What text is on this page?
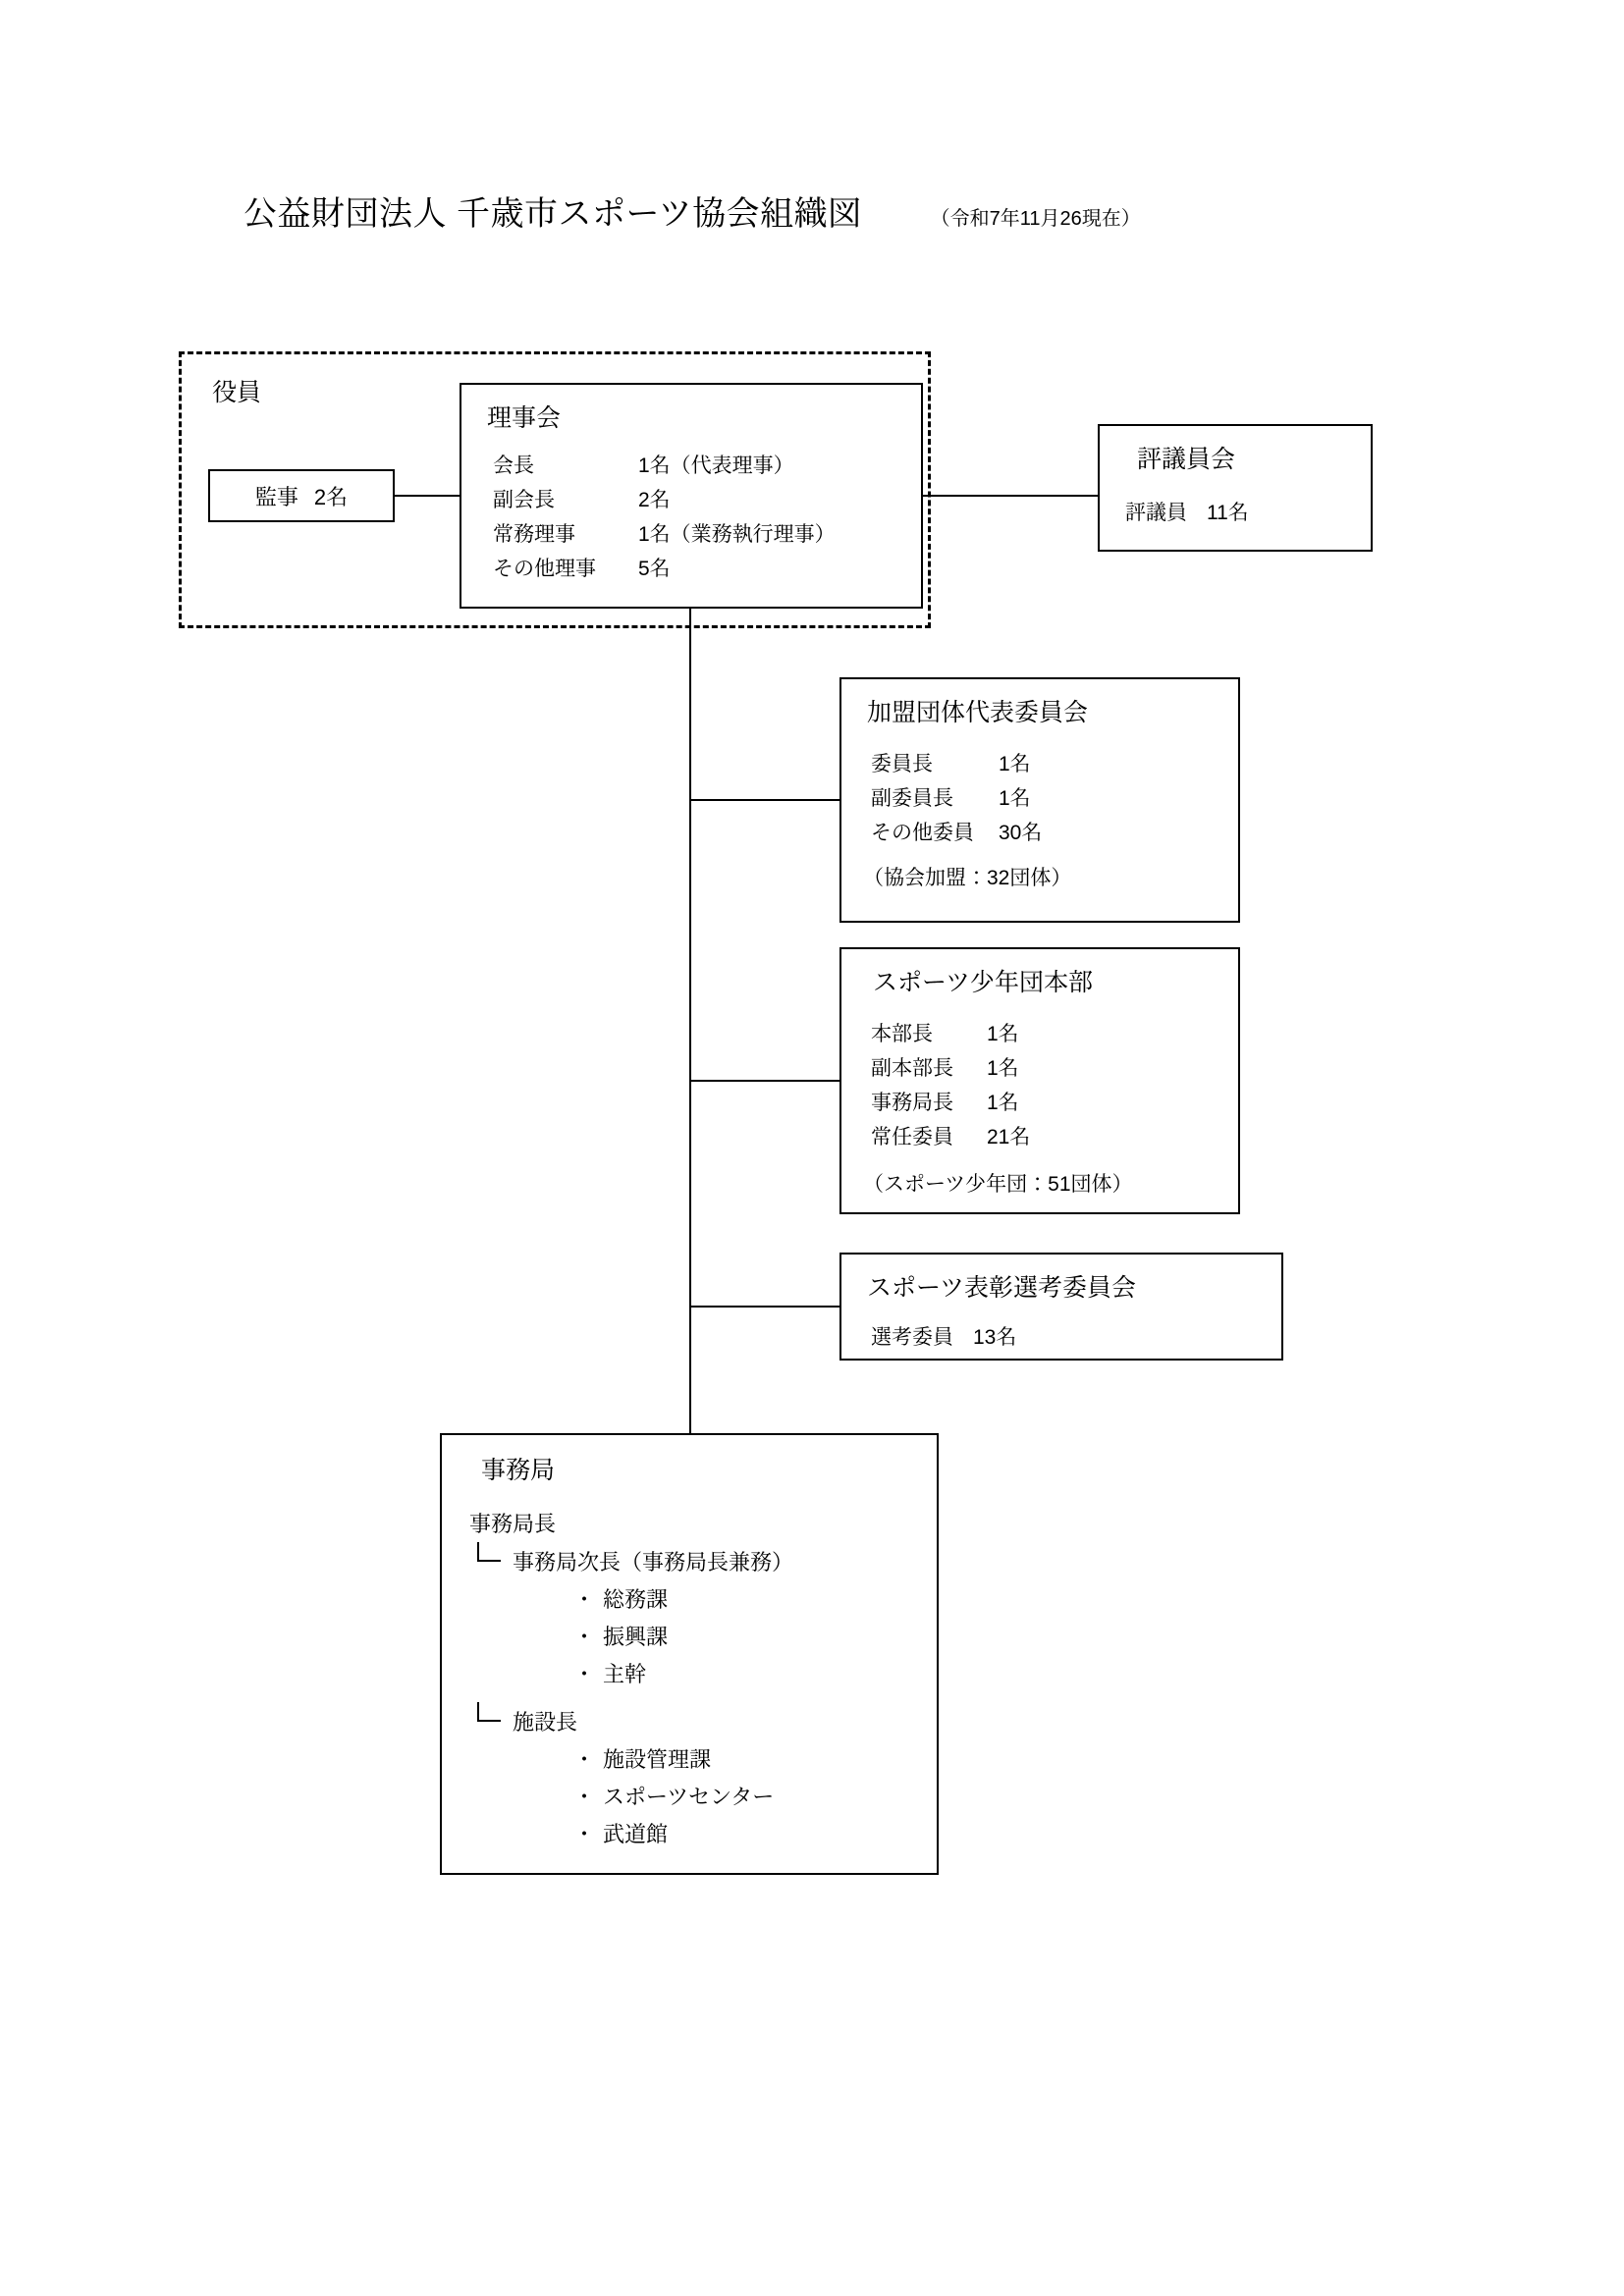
公益財団法人 千歳市スポーツ協会組織図	（令和7年11月26現在）
役員
監事 2名
理事会
会長	1名（代表理事）
副会長	2名
常務理事	1名（業務執行理事）
その他理事	5名
評議員会
評議員 11名
加盟団体代表委員会
委員長	1名
副委員長	1名
その他委員	30名
（協会加盟：32団体）
スポーツ少年団本部
本部長	1名
副本部長	1名
事務局長	1名
常任委員	21名
（スポーツ少年団：51団体）
スポーツ表彰選考委員会
選考委員 13名
事務局
事務局長
事務局次長（事務局長兼務）
・ 総務課
・ 振興課
・ 主幹
施設長
・ 施設管理課
・ スポーツセンター
・ 武道館
